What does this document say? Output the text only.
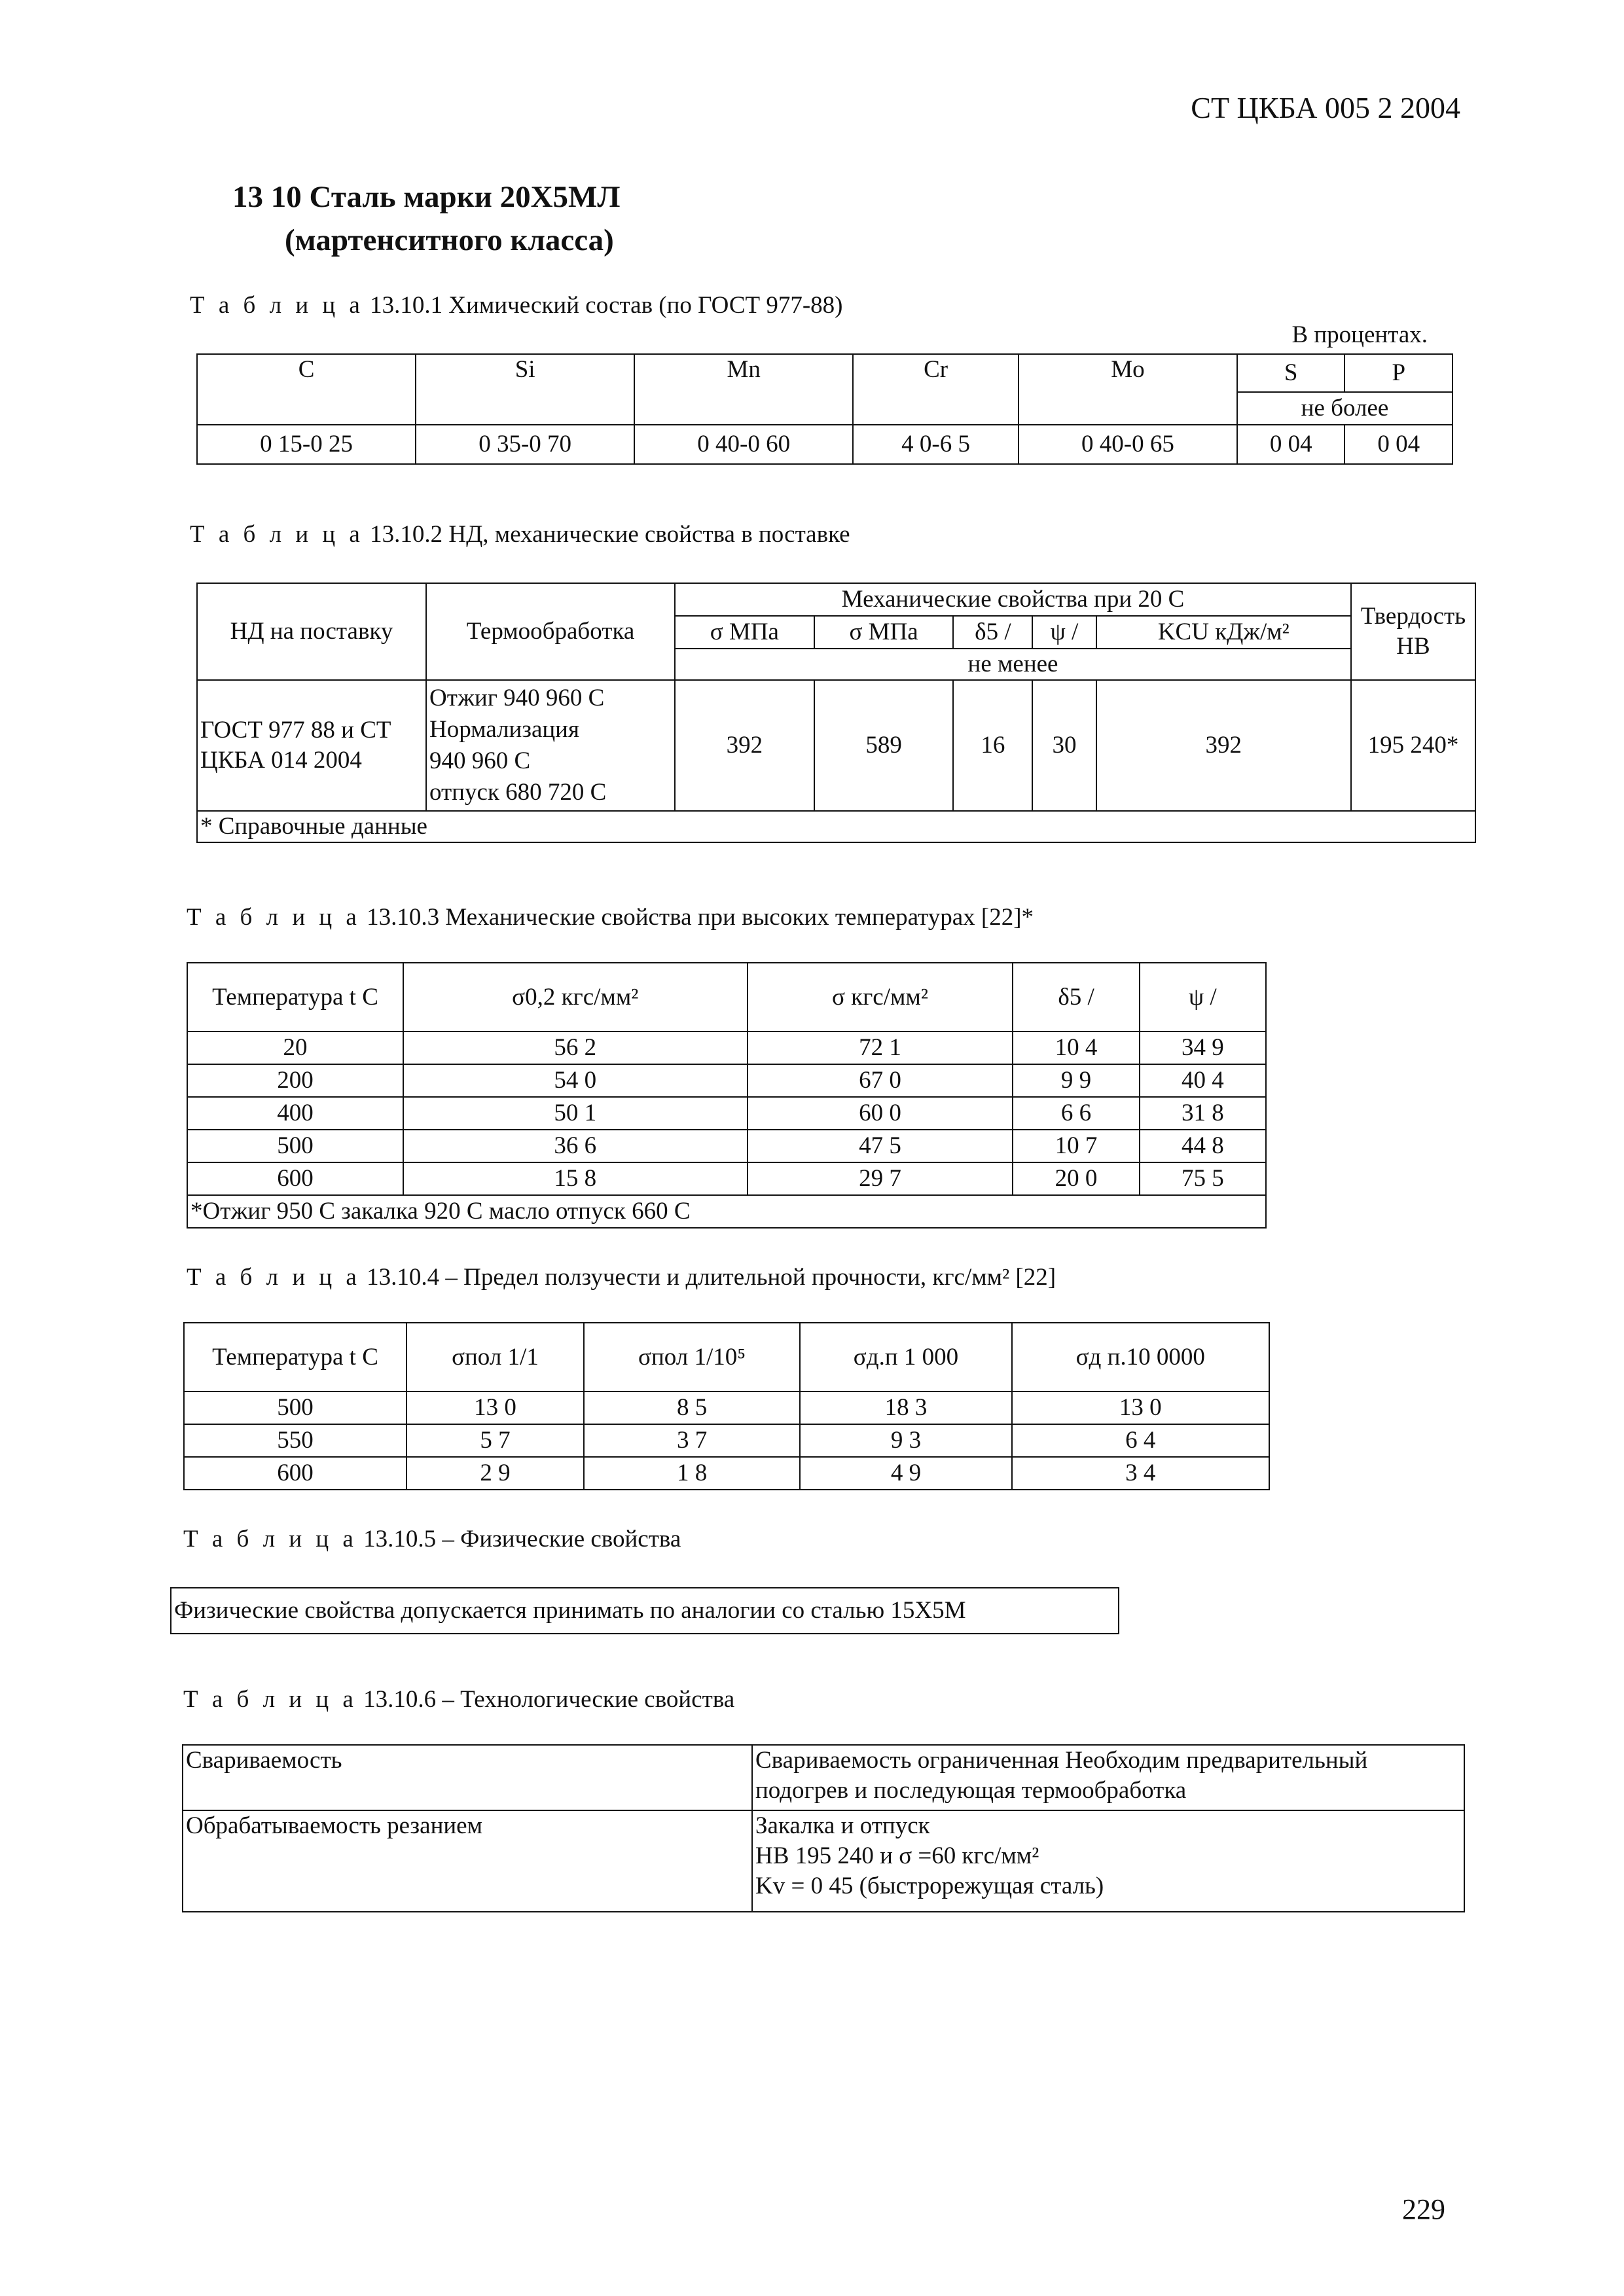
СТ ЦКБА 005 2 2004
13 10 Сталь марки 20Х5МЛ
(мартенситного класса)
Т а б л и ц а 13.10.1 Химический состав (по ГОСТ 977-88)
В процентах.
C	Si	Mn	Cr	Mo	S	P
					не более	
0 15-0 25	0 35-0 70	0 40-0 60	4 0-6 5	0 40-0 65	0 04	0 04
Т а б л и ц а 13.10.2 НД, механические свойства в поставке
НД на поставку	Термообработка	Механические свойства при 20 С					Твердость НВ
		σ МПа	σ МПа	δ5 /	ψ /	KCU кДж/м²	
		не менее					
ГОСТ 977 88 и СТ ЦКБА 014 2004	Отжиг 940 960 С
Нормализация
940 960 С
отпуск 680 720 С	392	589	16	30	392	195 240*
* Справочные данные							
Т а б л и ц а 13.10.3 Механические свойства при высоких температурах [22]*
Температура t С	σ0,2 кгс/мм²	σ кгс/мм²	δ5 /	ψ /
20	56 2	72 1	10 4	34 9
200	54 0	67 0	9 9	40 4
400	50 1	60 0	6 6	31 8
500	36 6	47 5	10 7	44 8
600	15 8	29 7	20 0	75 5
*Отжиг 950 С закалка 920 С масло отпуск 660 С				
Т а б л и ц а 13.10.4 – Предел ползучести и длительной прочности, кгс/мм² [22]
Температура t С	σпол 1/1	σпол 1/10⁵	σд.п 1 000	σд п.10 0000
500	13 0	8 5	18 3	13 0
550	5 7	3 7	9 3	6 4
600	2 9	1 8	4 9	3 4
Т а б л и ц а 13.10.5 – Физические свойства
Физические свойства допускается принимать по аналогии со сталью 15Х5М
Т а б л и ц а 13.10.6 – Технологические свойства
Свариваемость	Свариваемость ограниченная Необходим предварительный подогрев и последующая термообработка
Обрабатываемость резанием	Закалка и отпуск
НВ 195 240 и σ =60 кгс/мм²
Kv = 0 45 (быстрорежущая сталь)
229
